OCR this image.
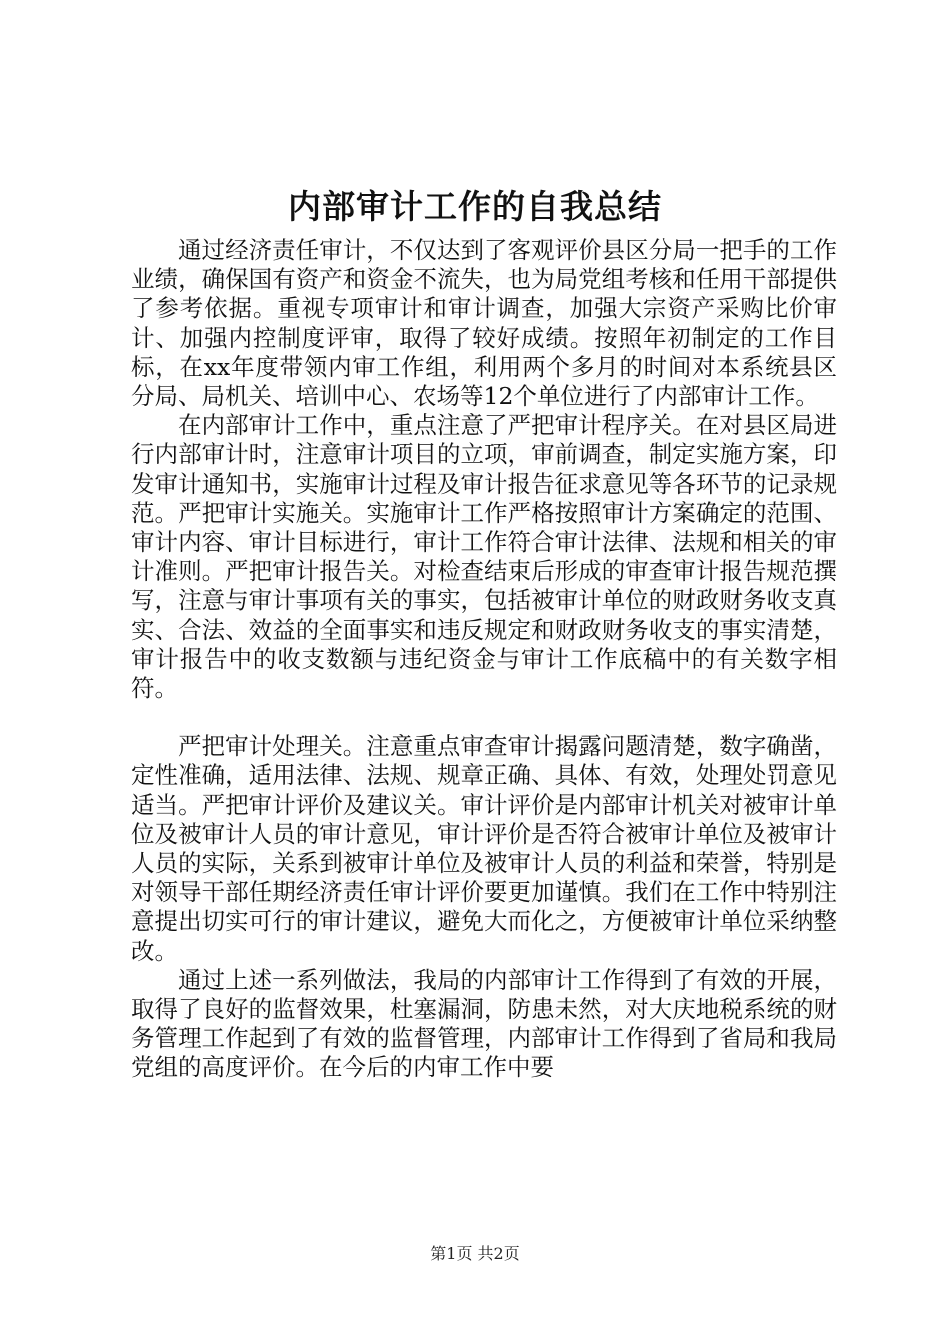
内部审计工作的自我总结

通过经济责任审计，不仅达到了客观评价县区分局一把手的工作业绩，确保国有资产和资金不流失，也为局党组考核和任用干部提供了参考依据。重视专项审计和审计调查，加强大宗资产采购比价审计、加强内控制度评审，取得了较好成绩。按照年初制定的工作目标，在xx年度带领内审工作组，利用两个多月的时间对本系统县区分局、局机关、培训中心、农场等12个单位进行了内部审计工作。

在内部审计工作中，重点注意了严把审计程序关。在对县区局进行内部审计时，注意审计项目的立项，审前调查，制定实施方案，印发审计通知书，实施审计过程及审计报告征求意见等各环节的记录规范。严把审计实施关。实施审计工作严格按照审计方案确定的范围、审计内容、审计目标进行，审计工作符合审计法律、法规和相关的审计准则。严把审计报告关。对检查结束后形成的审查审计报告规范撰写，注意与审计事项有关的事实，包括被审计单位的财政财务收支真实、合法、效益的全面事实和违反规定和财政财务收支的事实清楚，审计报告中的收支数额与违纪资金与审计工作底稿中的有关数字相符。

严把审计处理关。注意重点审查审计揭露问题清楚，数字确凿，定性准确，适用法律、法规、规章正确、具体、有效，处理处罚意见适当。严把审计评价及建议关。审计评价是内部审计机关对被审计单位及被审计人员的审计意见，审计评价是否符合被审计单位及被审计人员的实际，关系到被审计单位及被审计人员的利益和荣誉，特别是对领导干部任期经济责任审计评价要更加谨慎。我们在工作中特别注意提出切实可行的审计建议，避免大而化之，方便被审计单位采纳整改。

通过上述一系列做法，我局的内部审计工作得到了有效的开展，取得了良好的监督效果，杜塞漏洞，防患未然，对大庆地税系统的财务管理工作起到了有效的监督管理，内部审计工作得到了省局和我局党组的高度评价。在今后的内审工作中要

第1页 共2页
